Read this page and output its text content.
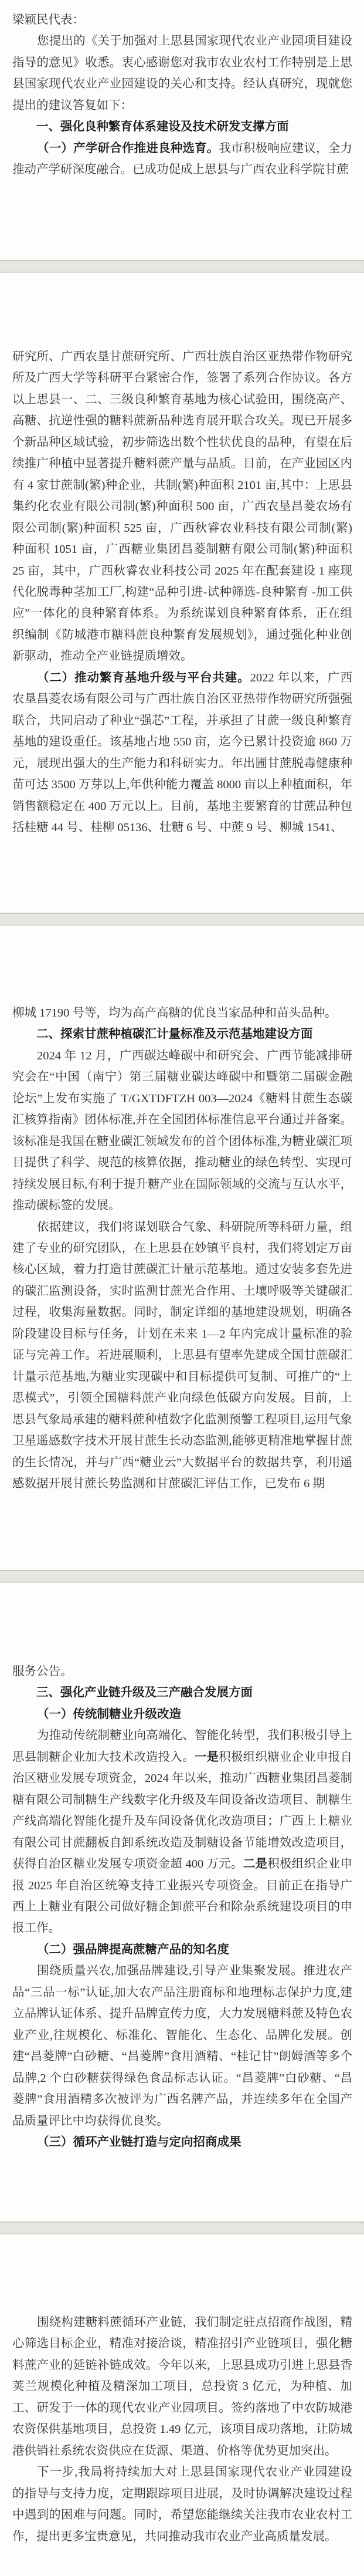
梁颖民代表：

您提出的《关于加强对上思县国家现代农业产业园项目建设指导的意见》收悉。衷心感谢您对我市农业农村工作特别是上思县国家现代农业产业园建设的关心和支持。经认真研究，现就您提出的建议答复如下：

一、强化良种繁育体系建设及技术研发支撑方面

（一）产学研合作推进良种选育。我市积极响应建议，全力推动产学研深度融合。已成功促成上思县与广西农业科学院甘蔗

研究所、广西农垦甘蔗研究所、广西壮族自治区亚热带作物研究所及广西大学等科研平台紧密合作，签署了系列合作协议。各方以上思县一、二、三级良种繁育基地为核心试验田，围绕高产、高糖、抗逆性强的糖料蔗新品种选育展开联合攻关。现已开展多个新品种区域试验，初步筛选出数个性状优良的品种，有望在后续推广种植中显著提升糖料蔗产量与品质。目前，在产业园区内有 4 家甘蔗制(繁)种企业，共制(繁)种面积 2101 亩,其中：上思县集约化农业有限公司制(繁)种面积 500 亩，广西农垦昌菱农场有限公司制(繁)种面积 525 亩，广西秋睿农业科技有限公司制(繁)种面积 1051 亩，广西糖业集团昌菱制糖有限公司制(繁)种面积 25 亩，其中，广西秋睿农业科技公司 2025 年在配套建设 1 座现代化脱毒种茎加工厂,构建“品种引进-试种筛选-良种繁育 -加工供应”一体化的良种繁育体系。为系统谋划良种繁育体系，正在组织编制《防城港市糖料蔗良种繁育发展规划》，通过强化种业创新驱动，推动全产业链提质增效。

（二）推动繁育基地升级与平台共建。2022 年以来，广西农垦昌菱农场有限公司与广西壮族自治区亚热带作物研究所强强联合，共同启动了种业“强芯”工程，并承担了甘蔗一级良种繁育基地的建设重任。该基地占地 550 亩，迄今已累计投资逾 860 万元，展现出强大的生产能力和科研实力。年出圃甘蔗脱毒健康种苗可达 3500 万芽以上,年供种能力覆盖 8000 亩以上种植面积，年销售额稳定在 400 万元以上。目前，基地主要繁育的甘蔗品种包括桂糖 44 号、桂柳 05136、壮糖 6 号、中蔗 9 号、柳城 1541、

柳城 17190 号等，均为高产高糖的优良当家品种和苗头品种。

二、探索甘蔗种植碳汇计量标准及示范基地建设方面

2024 年 12 月，广西碳达峰碳中和研究会、广西节能减排研究会在“中国（南宁）第三届糖业碳达峰碳中和暨第二届碳金融论坛”上发布实施了 T/GXTDFTZH 003—2024《糖料甘蔗生态碳汇核算指南》团体标准,并在全国团体标准信息平台通过并备案。该标准是我国在糖业碳汇领域发布的首个团体标准,为糖业碳汇项目提供了科学、规范的核算依据，推动糖业的绿色转型、实现可持续发展目标,有利于提升糖产业在国际领域的交流与互认水平，推动碳标签的发展。

依据建议，我们将谋划联合气象、科研院所等科研力量，组建了专业的研究团队，在上思县在妙镇平良村，我们将划定万亩核心区域，着力打造甘蔗碳汇计量示范基地。通过安装多套先进的碳汇监测设备，实时监测甘蔗光合作用、土壤呼吸等关键碳汇过程，收集海量数据。同时，制定详细的基地建设规划，明确各阶段建设目标与任务，计划在未来 1—2 年内完成计量标准的验证与完善工作。若进展顺利，上思县有望率先建成全国甘蔗碳汇计量示范基地,为糖业实现碳中和目标提供可复制、可推广的“上思模式”，引领全国糖料蔗产业向绿色低碳方向发展。目前，上思县气象局承建的糖料蔗种植数字化监测预警工程项目,运用气象卫星遥感数字技术开展甘蔗生长动态监测,能够更精准地掌握甘蔗的生长情况，并与广西“糖业云”大数据平台的数据共享，利用遥感数据开展甘蔗长势监测和甘蔗碳汇评估工作，已发布 6 期

服务公告。

三、强化产业链升级及三产融合发展方面
（一）传统制糖业升级改造

为推动传统制糖业向高端化、智能化转型，我们积极引导上思县制糖企业加大技术改造投入。一是积极组织糖业企业申报自治区糖业发展专项资金，2024 年以来，推动广西糖业集团昌菱制糖有限公司制糖生产线数字化升级及车间设备改造项目、制糖生产线高端化智能化提升及车间设备优化改造项目；广西上上糖业有限公司甘蔗翻板自卸系统改造及制糖设备节能增效改造项目，获得自治区糖业发展专项资金超 400 万元。二是积极组织企业申报 2025 年自治区统筹支持工业振兴专项资金。目前正在指导广西上上糖业有限公司做好糖企卸蔗平台和除杂系统建设项目的申报工作。

（二）强品牌提高蔗糖产品的知名度

围绕质量兴农,加强品牌建设,引导产业集聚发展。推进农产品“三品一标”认证,加大农产品注册商标和地理标志保护力度,建立品牌认证体系、提升品牌宣传力度，大力发展糖料蔗及特色农业产业,往规模化、标准化、智能化、生态化、品牌化发展。创建“昌菱牌”白砂糖、“昌菱牌”食用酒精、“桂记甘”朗姆酒等多个品牌,2 个白砂糖获得绿色食品标志认证。“昌菱牌”白砂糖、“昌菱牌”食用酒精多次被评为广西名牌产品，并连续多年在全国产品质量评比中均获得优良奖。

（三）循环产业链打造与定向招商成果

围绕构建糖料蔗循环产业链，我们制定驻点招商作战图，精心筛选目标企业，精准对接洽谈，精准招引产业链项目，强化糖料蔗产业的延链补链成效。今年以来，上思县成功引进上思县香荚兰规模化种植及精深加工项目，总投资 3 亿元，为种植、加工、研发于一体的现代农业产业园项目。签约落地了中农防城港农资保供基地项目，总投资 1.49 亿元，该项目成功落地，让防城港供销社系统农资供应在货源、渠道、价格等优势更加突出。

下一步,我局将持续加大对上思县国家现代农业产业园建设的指导与支持力度，定期跟踪项目进展，及时协调解决建设过程中遇到的困难与问题。同时，希望您能继续关注我市农业农村工作，提出更多宝贵意见，共同推动我市农业产业高质量发展。
